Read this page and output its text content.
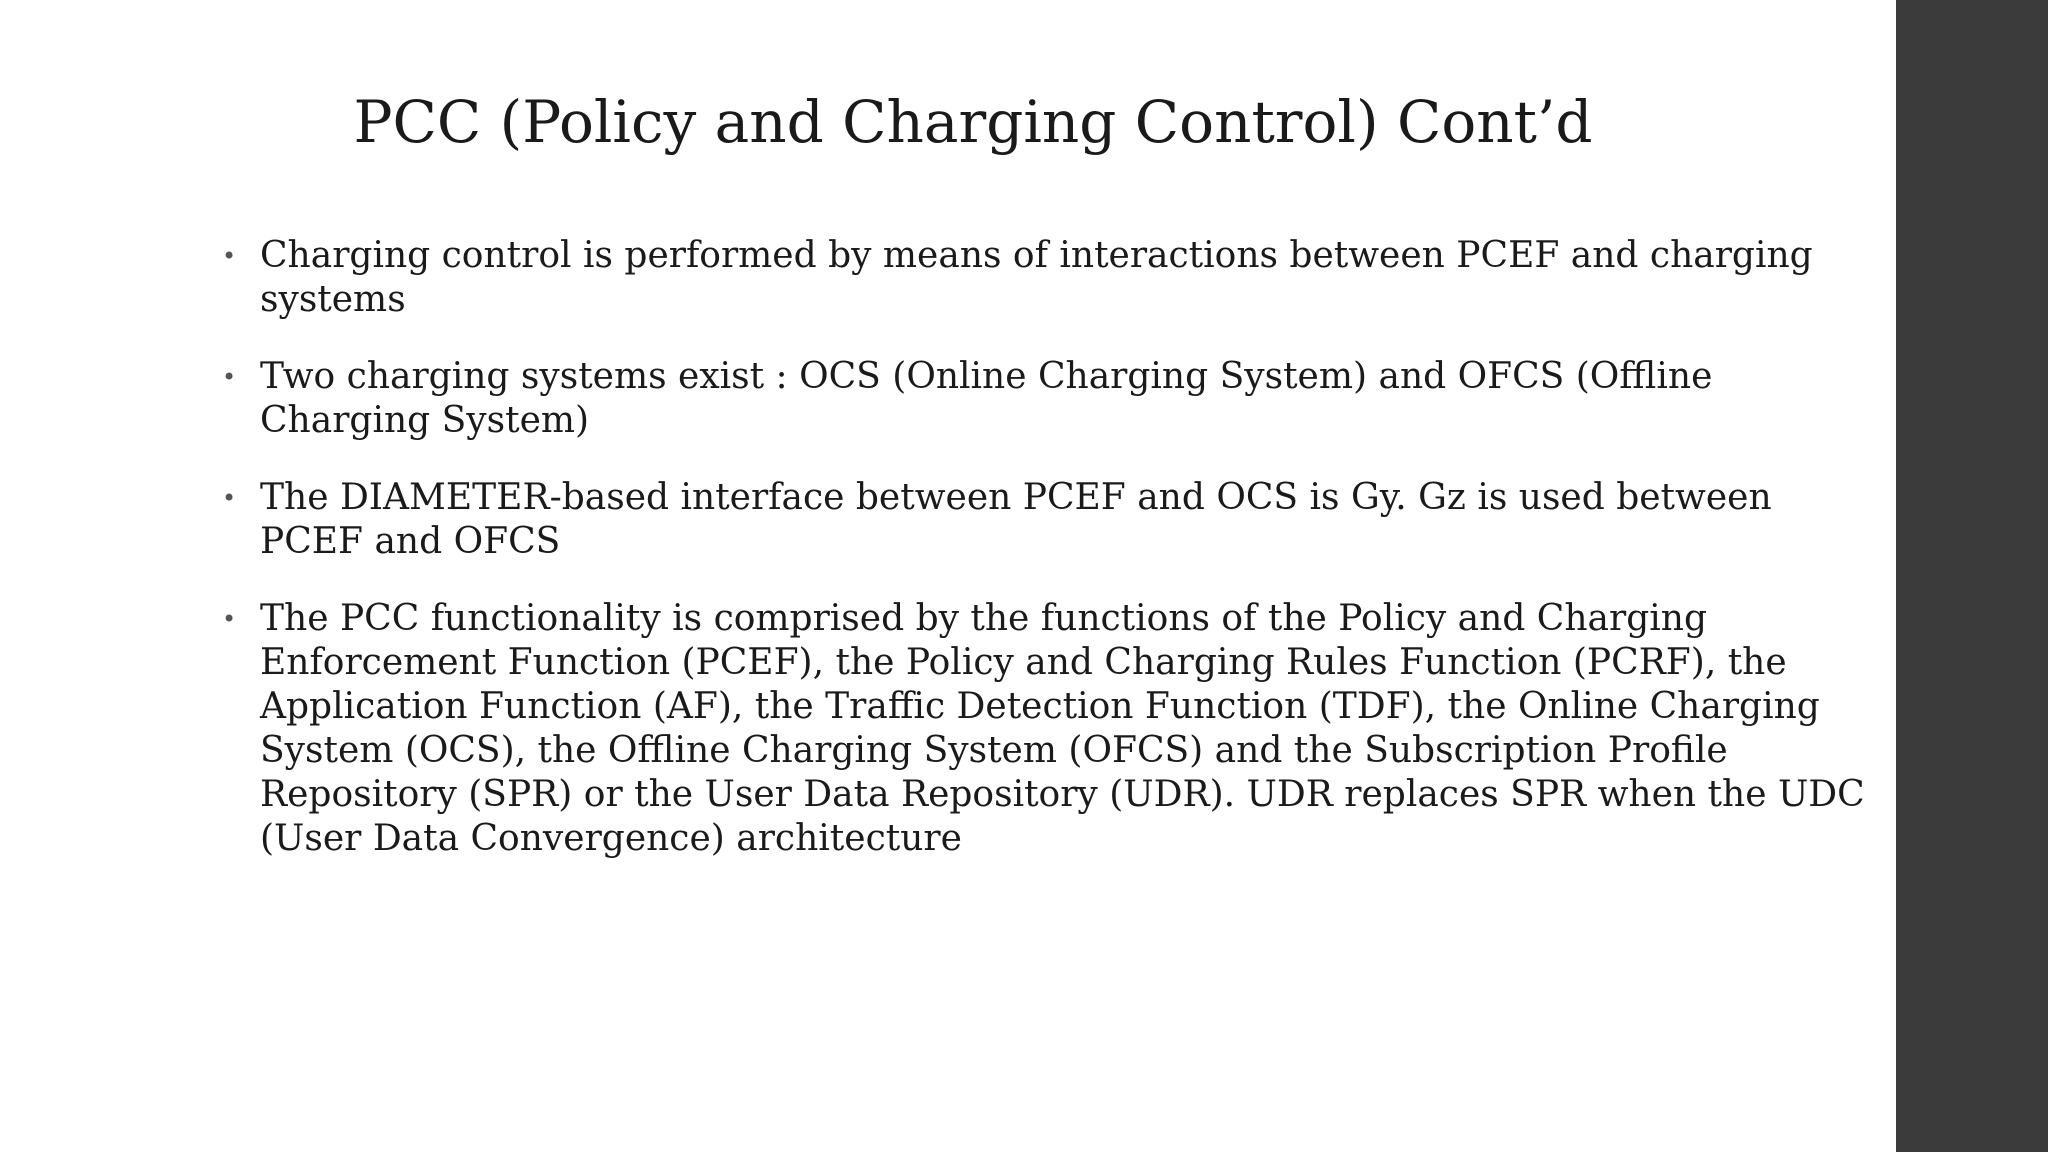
PCC (Policy and Charging Control) Cont’d
• Charging control is performed by means of interactions between PCEF and charging systems
• Two charging systems exist : OCS (Online Charging System) and OFCS (Offline Charging System)
• The DIAMETER-based interface between PCEF and OCS is Gy. Gz is used between PCEF and OFCS
• The PCC functionality is comprised by the functions of the Policy and Charging Enforcement Function (PCEF), the Policy and Charging Rules Function (PCRF), the Application Function (AF), the Traffic Detection Function (TDF), the Online Charging System (OCS), the Offline Charging System (OFCS) and the Subscription Profile Repository (SPR) or the User Data Repository (UDR). UDR replaces SPR when the UDC (User Data Convergence) architecture
